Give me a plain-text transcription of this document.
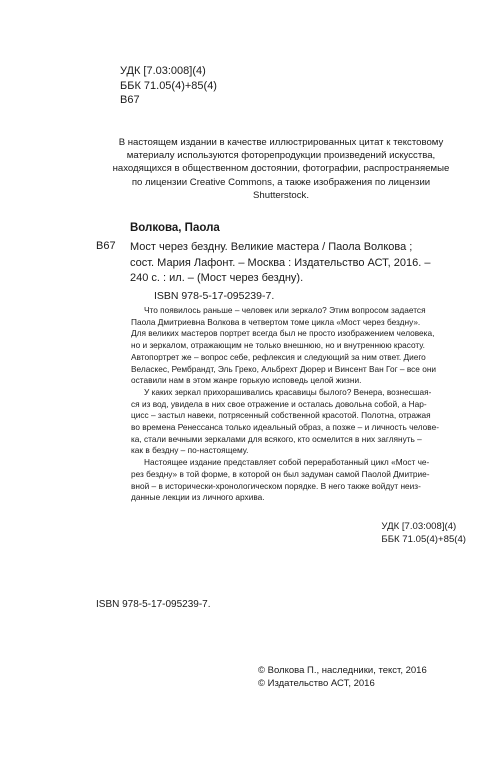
УДК [7.03:008](4)
ББК 71.05(4)+85(4)
В67
В настоящем издании в качестве иллюстрированных цитат к текстовому
материалу используются фоторепродукции произведений искусства,
находящихся в общественном достоянии, фотографии, распространяемые
по лицензии Creative Commons, а также изображения по лицензии
Shutterstock.
Волкова, Паола
В67 Мост через бездну. Великие мастера / Паола Волкова ;
сост. Мария Лафонт. – Москва : Издательство АСТ, 2016. –
240 с. : ил. – (Мост через бездну).
ISBN 978-5-17-095239-7.
Что появилось раньше – человек или зеркало? Этим вопросом задается
Паола Дмитриевна Волкова в четвертом томе цикла «Мост через бездну».
Для великих мастеров портрет всегда был не просто изображением человека,
но и зеркалом, отражающим не только внешнюю, но и внутреннюю красоту.
Автопортрет же – вопрос себе, рефлексия и следующий за ним ответ. Диего
Веласкес, Рембрандт, Эль Греко, Альбрехт Дюрер и Винсент Ван Гог – все они
оставили нам в этом жанре горькую исповедь целой жизни.
У каких зеркал прихорашивались красавицы былого? Венера, вознесшая-
ся из вод, увидела в них свое отражение и осталась довольна собой, а Нар-
цисс – застыл навеки, потрясенный собственной красотой. Полотна, отражая
во времена Ренессанса только идеальный образ, а позже – и личность челове-
ка, стали вечными зеркалами для всякого, кто осмелится в них заглянуть –
как в бездну – по-настоящему.
Настоящее издание представляет собой переработанный цикл «Мост че-
рез бездну» в той форме, в которой он был задуман самой Паолой Дмитрие-
вной – в исторически-хронологическом порядке. В него также войдут неиз-
данные лекции из личного архива.
УДК [7.03:008](4)
ББК 71.05(4)+85(4)
ISBN 978-5-17-095239-7.
© Волкова П., наследники, текст, 2016
© Издательство АСТ, 2016
